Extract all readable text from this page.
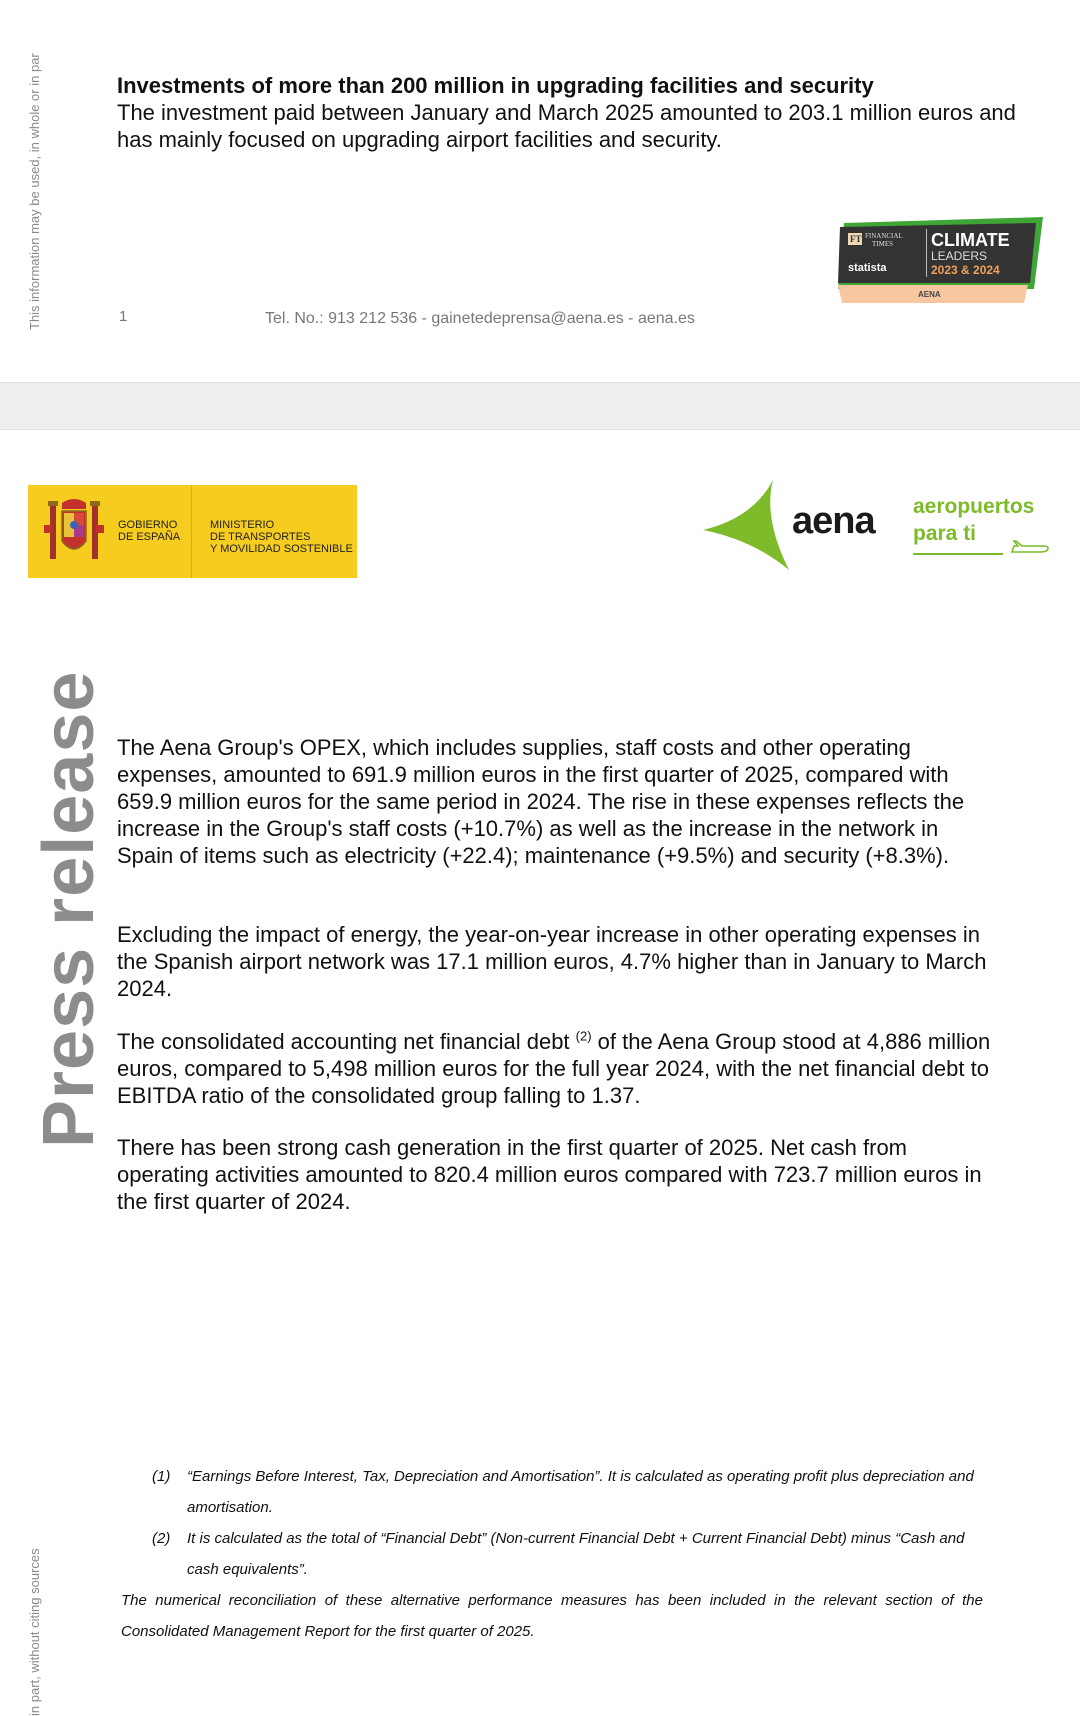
This information may be used, in whole or in par
in part, without citing sources
Investments of more than 200 million in upgrading facilities and security
The investment paid between January and March 2025 amounted to 203.1 million euros and has mainly focused on upgrading airport facilities and security.
1	Tel. No.: 913 212 536 - gainetedeprensa@aena.es - aena.es
FT FINANCIAL
TIMES
statista
CLIMATE
LEADERS
2023 & 2024
AENA
GOBIERNO
DE ESPAÑA
MINISTERIO
DE TRANSPORTES
Y MOVILIDAD SOSTENIBLE
aena aeropuertos
para ti
Press release The Aena Group's OPEX, which includes supplies, staff costs and other operating expenses, amounted to 691.9 million euros in the first quarter of 2025, compared with 659.9 million euros for the same period in 2024. The rise in these expenses reflects the increase in the Group's staff costs (+10.7%) as well as the increase in the network in Spain of items such as electricity (+22.4); maintenance (+9.5%) and security (+8.3%).

Excluding the impact of energy, the year-on-year increase in other operating expenses in the Spanish airport network was 17.1 million euros, 4.7% higher than in January to March 2024.

The consolidated accounting net financial debt $^{(2)}$ of the Aena Group stood at 4,886 million euros, compared to 5,498 million euros for the full year 2024, with the net financial debt to EBITDA ratio of the consolidated group falling to 1.37.

There has been strong cash generation in the first quarter of 2025. Net cash from operating activities amounted to 820.4 million euros compared with 723.7 million euros in the first quarter of 2024.

(1) “Earnings Before Interest, Tax, Depreciation and Amortisation”. It is calculated as operating profit plus depreciation and amortisation.
(2) It is calculated as the total of “Financial Debt” (Non-current Financial Debt + Current Financial Debt) minus “Cash and cash equivalents”.
The numerical reconciliation of these alternative performance measures has been included in the relevant section of the Consolidated Management Report for the first quarter of 2025.
